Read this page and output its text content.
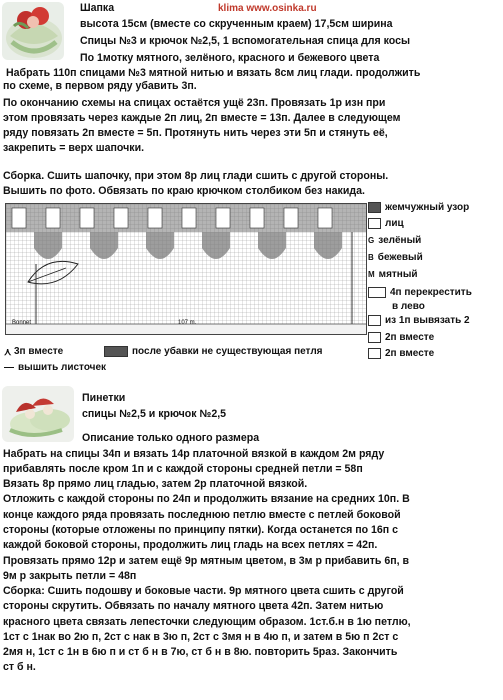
Шапка	klima www.osinka.ru
высота 15см (вместе со скрученным краем) 17,5см ширина
Спицы №3 и крючок №2,5, 1 вспомогательная спица для косы
По 1мотку мятного, зелёного, красного и бежевого цвета
Набрать 110п спицами №3 мятной нитью и вязать 8см лиц глади. продолжить
по схеме, в первом ряду убавить 3п.
По окончанию схемы на спицах остаётся ущё 23п. Провязать 1р изн при
этом провязать через каждые 2п лиц, 2п вместе = 13п. Далее в следующем
ряду повязать 2п вместе = 5п. Протянуть нить через эти 5п и стянуть её,
закрепить = верх шапочки.
Сборка. Сшить шапочку, при этом 8р лиц глади сшить с другой стороны.
Вышить по фото. Обвязать по краю крючком столбиком без накида.
Bonnet	107 m.
жемчужный узор
лиц
G зелёный
B бежевый
M мятный
4п перекрестить
в лево
из 1п вывязать 2
2п вместе
2п вместе
⋏ 3п вместе	после убавки не существующая петля
— вышить листочек
Пинетки
спицы №2,5 и крючок №2,5
Описание только одного размера
Набрать на спицы 34п и вязать 14р платочной вязкой в каждом 2м ряду
прибавлять после кром 1п и с каждой стороны средней петли = 58п
Вязать 8р прямо лиц гладью, затем 2р платочной вязкой.
Отложить с каждой стороны по 24п и продолжить вязание на средних 10п. В
конце каждого ряда провязать последнюю петлю вместе с петлей боковой
стороны (которые отложены по принципу пятки). Когда останется по 16п с
каждой боковой стороны, продолжить лиц гладь на всех петлях = 42п.
Провязать прямо 12р и затем ещё 9р мятным цветом, в 3м р прибавить 6п, в
9м р закрыть петли = 48п
Сборка: Сшить подошву и боковые части. 9р мятного цвета сшить с другой
стороны скрутить. Обвязать по началу мятного цвета 42п. Затем нитью
красного цвета связать лепесточки следующим образом. 1ст.б.н в 1ю петлю,
1ст с 1нак во 2ю п, 2ст с нак в 3ю п, 2ст с 3мя н в 4ю п, и затем в 5ю п 2ст с
2мя н, 1ст с 1н в 6ю п и ст б н в 7ю, ст б н в 8ю. повторить 5раз. Закончить
ст б н.
